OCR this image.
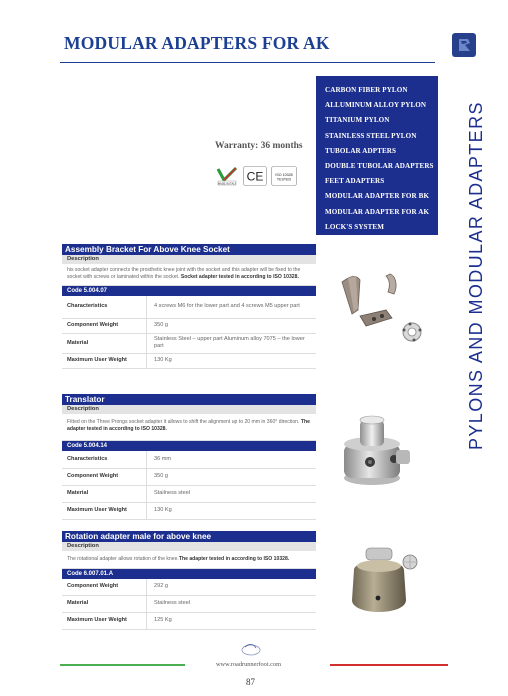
MODULAR ADAPTERS FOR AK
Warranty: 36 months
MADE IN ITALY
CE	ISO 10328
TESTED
CARBON FIBER PYLON
ALLUMINUM ALLOY PYLON
TITANIUM PYLON
STAINLESS STEEL PYLON
TUBOLAR ADPTERS
DOUBLE TUBOLAR ADAPTERS
FEET ADAPTERS
MODULAR ADAPTER FOR BK
MODULAR ADAPTER FOR AK
LOCK'S SYSTEM	PYLONS AND MODULAR ADAPTERS
Assembly Bracket For Above Knee Socket
Description
his socket adapter connects the prosthetic knee joint with the socket and this adapter will be fixed to the socket with screws or laminated within the socket. Socket adapter tested in according to ISO 10328.
Code 5.004.07
Characteristics	4 screws M6 for the lower part and 4 screws M5 upper part
Component Weight	350 g
Material	Stainless Steel – upper part Aluminum alloy 7075 – the lower part
Maximum User Weight	130 Kg
Translator
Description
Fitted on the Three Prongs socket adapter it allows to shift the alignment up to 20 mm in 360° direction. The adapter tested in according to ISO 10328.
Code 5.004.14
Characteristics	36 mm
Component Weight	350 g
Material	Stailness steel
Maximum User Weight	130 Kg
Rotation adapter male for above knee
Description
The rotational adapter allows rotation of the knee.The adapter tested in according to ISO 10328.
Code 6.007.01.A
Component Weight	292 g
Material	Stailness steel
Maximum User Weight	125 Kg
www.roadrunnerfoot.com
87
